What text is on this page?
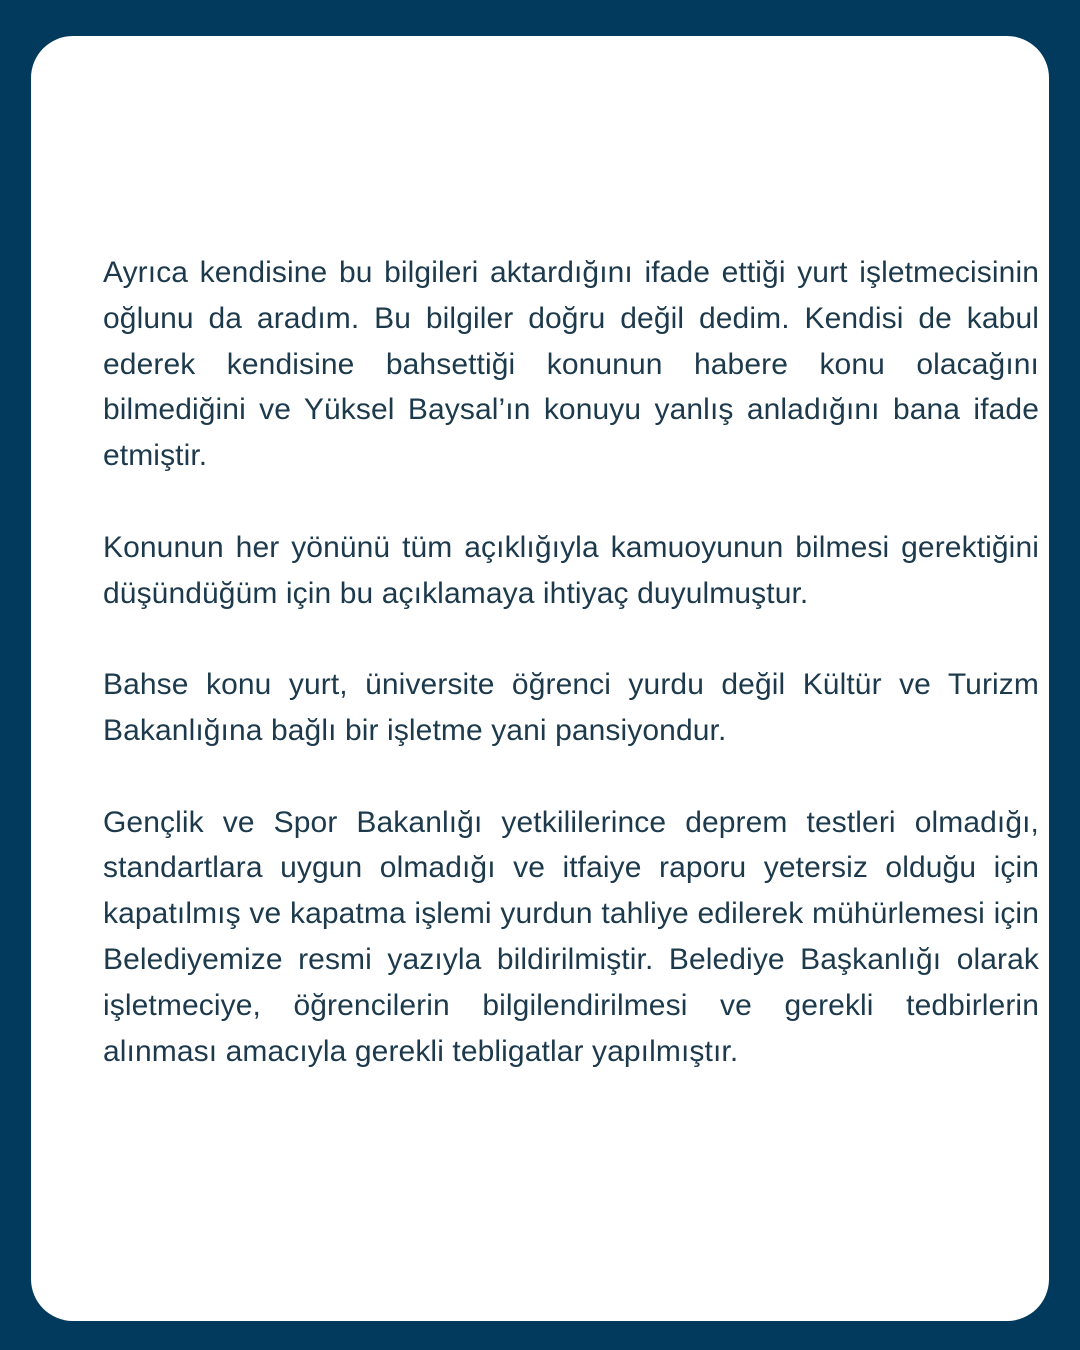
Ayrıca kendisine bu bilgileri aktardığını ifade ettiği yurt işletmecisinin oğlunu da aradım. Bu bilgiler doğru değil dedim. Kendisi de kabul ederek kendisine bahsettiği konunun habere konu olacağını bilmediğini ve Yüksel Baysal’ın konuyu yanlış anladığını bana ifade etmiştir.

Konunun her yönünü tüm açıklığıyla kamuoyunun bilmesi gerektiğini düşündüğüm için bu açıklamaya ihtiyaç duyulmuştur.

Bahse konu yurt, üniversite öğrenci yurdu değil Kültür ve Turizm Bakanlığına bağlı bir işletme yani pansiyondur.

Gençlik ve Spor Bakanlığı yetkililerince deprem testleri olmadığı, standartlara uygun olmadığı ve itfaiye raporu yetersiz olduğu için kapatılmış ve kapatma işlemi yurdun tahliye edilerek mühürlemesi için Belediyemize resmi yazıyla bildirilmiştir. Belediye Başkanlığı olarak işletmeciye, öğrencilerin bilgilendirilmesi ve gerekli tedbirlerin alınması amacıyla gerekli tebligatlar yapılmıştır.
